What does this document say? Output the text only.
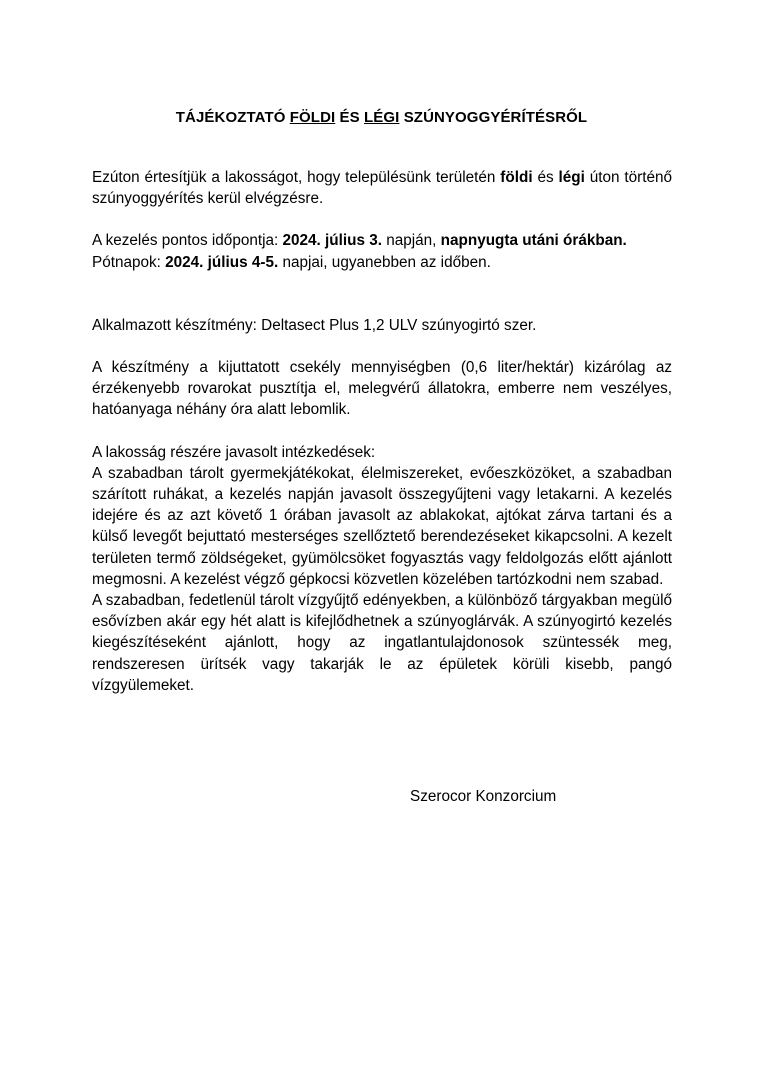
TÁJÉKOZTATÓ FÖLDI ÉS LÉGI SZÚNYOGGYÉRÍTÉSRŐL

Ezúton értesítjük a lakosságot, hogy településünk területén földi és légi úton történő szúnyoggyérítés kerül elvégzésre.

A kezelés pontos időpontja: 2024. július 3. napján, napnyugta utáni órákban.

Pótnapok: 2024. július 4-5. napjai, ugyanebben az időben.

Alkalmazott készítmény: Deltasect Plus 1,2 ULV szúnyogirtó szer.

A készítmény a kijuttatott csekély mennyiségben (0,6 liter/hektár) kizárólag az érzékenyebb rovarokat pusztítja el, melegvérű állatokra, emberre nem veszélyes, hatóanyaga néhány óra alatt lebomlik.

A lakosság részére javasolt intézkedések:

A szabadban tárolt gyermekjátékokat, élelmiszereket, evőeszközöket, a szabadban szárított ruhákat, a kezelés napján javasolt összegyűjteni vagy letakarni. A kezelés idejére és az azt követő 1 órában javasolt az ablakokat, ajtókat zárva tartani és a külső levegőt bejuttató mesterséges szellőztető berendezéseket kikapcsolni. A kezelt területen termő zöldségeket, gyümölcsöket fogyasztás vagy feldolgozás előtt ajánlott megmosni. A kezelést végző gépkocsi közvetlen közelében tartózkodni nem szabad.

A szabadban, fedetlenül tárolt vízgyűjtő edényekben, a különböző tárgyakban megülő esővízben akár egy hét alatt is kifejlődhetnek a szúnyoglárvák. A szúnyogirtó kezelés kiegészítéseként ajánlott, hogy az ingatlantulajdonosok szüntessék meg, rendszeresen ürítsék vagy takarják le az épületek körüli kisebb, pangó vízgyülemeket.

Szerocor Konzorcium
